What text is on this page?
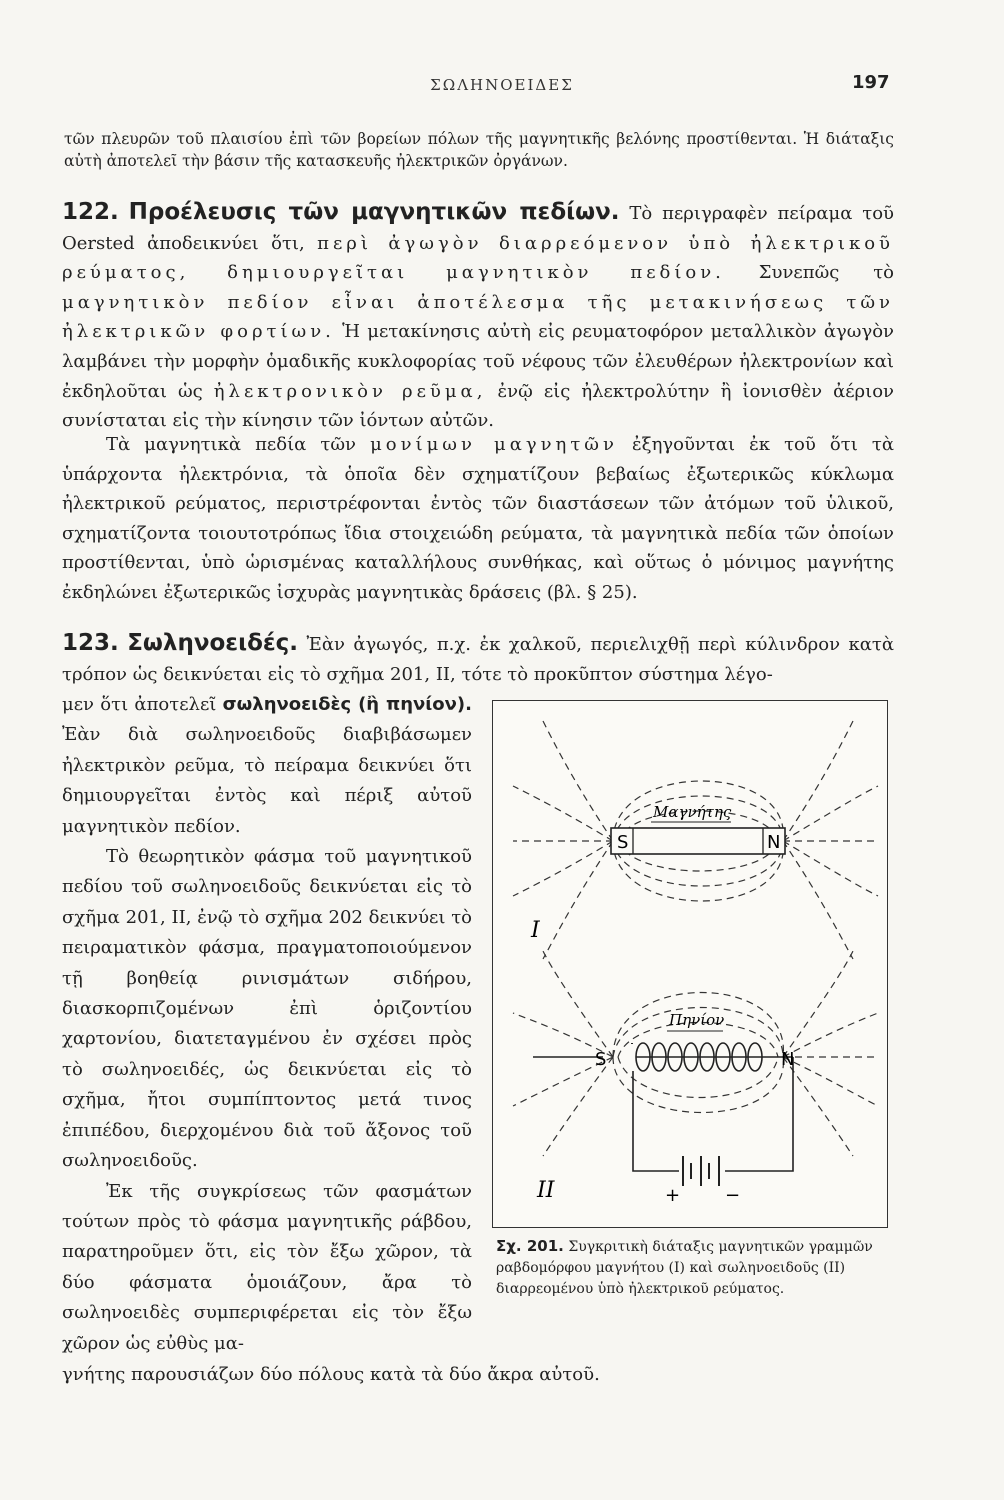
ΣΩΛΗΝΟΕΙΔΕΣ	197

τῶν πλευρῶν τοῦ πλαισίου ἐπὶ τῶν βορείων πόλων τῆς μαγνητικῆς βελόνης προστίθενται. Ἡ διάταξις αὐτὴ ἀποτελεῖ τὴν βάσιν τῆς κατασκευῆς ἠλεκτρικῶν ὀργάνων.

122. Προέλευσις τῶν μαγνητικῶν πεδίων. Τὸ περιγραφὲν πείραμα τοῦ Oersted ἀποδεικνύει ὅτι, περὶ ἀγωγὸν διαρρεόμενον ὑπὸ ἠλεκτρικοῦ ρεύματος, δημιουργεῖται μαγνητικὸν πεδίον. Συνεπῶς τὸ μαγνητικὸν πεδίον εἶναι ἀποτέλεσμα τῆς μετακινήσεως τῶν ἠλεκτρικῶν φορτίων. Ἡ μετακίνησις αὐτὴ εἰς ρευματοφόρον μεταλλικὸν ἀγωγὸν λαμβάνει τὴν μορφὴν ὁμαδικῆς κυκλοφορίας τοῦ νέφους τῶν ἐλευθέρων ἠλεκτρονίων καὶ ἐκδηλοῦται ὡς ἠλεκτρονικὸν ρεῦμα, ἐνῷ εἰς ἠλεκτρολύτην ἢ ἰονισθὲν ἀέριον συνίσταται εἰς τὴν κίνησιν τῶν ἰόντων αὐτῶν.

Τὰ μαγνητικὰ πεδία τῶν μονίμων μαγνητῶν ἐξηγοῦνται ἐκ τοῦ ὅτι τὰ ὑπάρχοντα ἠλεκτρόνια, τὰ ὁποῖα δὲν σχηματίζουν βεβαίως ἐξωτερικῶς κύκλωμα ἠλεκτρικοῦ ρεύματος, περιστρέφονται ἐντὸς τῶν διαστάσεων τῶν ἀτόμων τοῦ ὑλικοῦ, σχηματίζοντα τοιουτοτρόπως ἴδια στοιχειώδη ρεύματα, τὰ μαγνητικὰ πεδία τῶν ὁποίων προστίθενται, ὑπὸ ὡρισμένας καταλλήλους συνθήκας, καὶ οὕτως ὁ μόνιμος μαγνήτης ἐκδηλώνει ἐξωτερικῶς ἰσχυρὰς μαγνητικὰς δράσεις (βλ. § 25).

123. Σωληνοειδές. Ἐὰν ἀγωγός, π.χ. ἐκ χαλκοῦ, περιελιχθῇ περὶ κύλινδρον κατὰ τρόπον ὡς δεικνύεται εἰς τὸ σχῆμα 201, II, τότε τὸ προκῦπτον σύστημα λέγο-

μεν ὅτι ἀποτελεῖ σωληνοειδὲς (ἢ πηνίον). Ἐὰν διὰ σωληνοειδοῦς διαβιβάσωμεν ἠλεκτρικὸν ρεῦμα, τὸ πείραμα δεικνύει ὅτι δημιουργεῖται ἐντὸς καὶ πέριξ αὐτοῦ μαγνητικὸν πεδίον.

Τὸ θεωρητικὸν φάσμα τοῦ μαγνητικοῦ πεδίου τοῦ σωληνοειδοῦς δεικνύεται εἰς τὸ σχῆμα 201, II, ἐνῷ τὸ σχῆμα 202 δεικνύει τὸ πειραματικὸν φάσμα, πραγματοποιούμενον τῇ βοηθείᾳ ρινισμάτων σιδήρου, διασκορπιζομένων ἐπὶ ὁριζοντίου χαρτονίου, διατεταγμένου ἐν σχέσει πρὸς τὸ σωληνοειδές, ὡς δεικνύεται εἰς τὸ σχῆμα, ἤτοι συμπίπτοντος μετά τινος ἐπιπέδου, διερχομένου διὰ τοῦ ἄξονος τοῦ σωληνοειδοῦς.

Ἐκ τῆς συγκρίσεως τῶν φασμάτων τούτων πρὸς τὸ φάσμα μαγνητικῆς ράβδου, παρατηροῦμεν ὅτι, εἰς τὸν ἔξω χῶρον, τὰ δύο φάσματα ὁμοιάζουν, ἄρα τὸ σωληνοειδὲς συμπεριφέρεται εἰς τὸν ἔξω χῶρον ὡς εὐθὺς μα-

γνήτης παρουσιάζων δύο πόλους κατὰ τὰ δύο ἄκρα αὐτοῦ.
S	N
Μαγνήτης
I
S	N
Πηνίον
+ −
II

Σχ. 201. Συγκριτικὴ διάταξις μαγνητικῶν γραμμῶν ραβδομόρφου μαγνήτου (I) καὶ σωληνοειδοῦς (II) διαρρεομένου ὑπὸ ἠλεκτρικοῦ ρεύματος.
